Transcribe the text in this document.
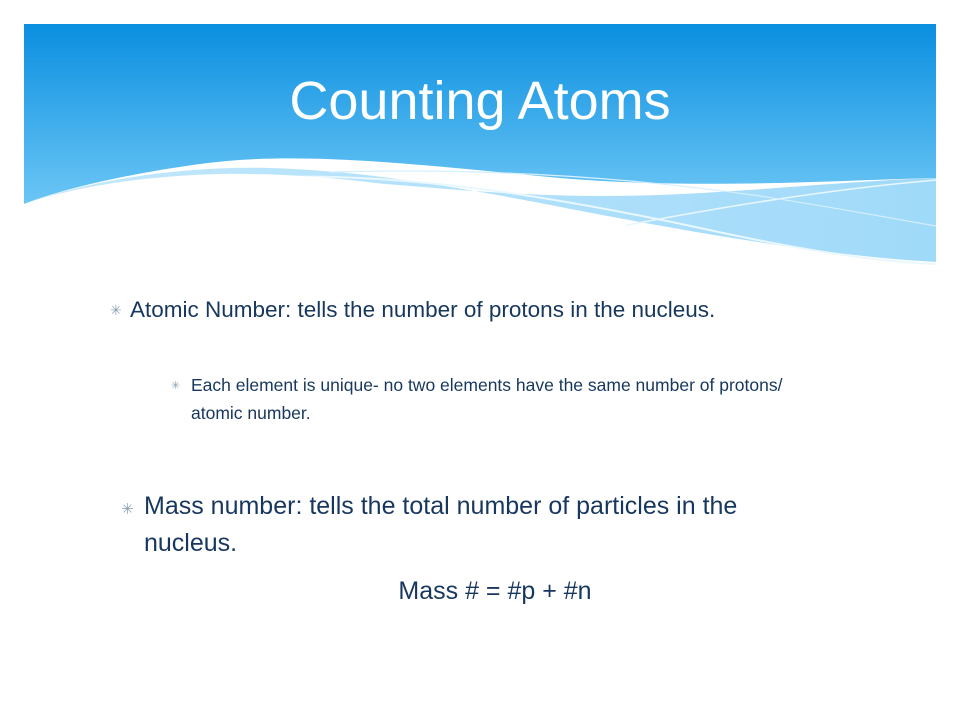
Counting Atoms
✳ Atomic Number: tells the number of protons in the nucleus.
✳ Each element is unique- no two elements have the same number of protons/ atomic number.
✳ Mass number: tells the total number of particles in the nucleus.
Mass # = #p + #n
